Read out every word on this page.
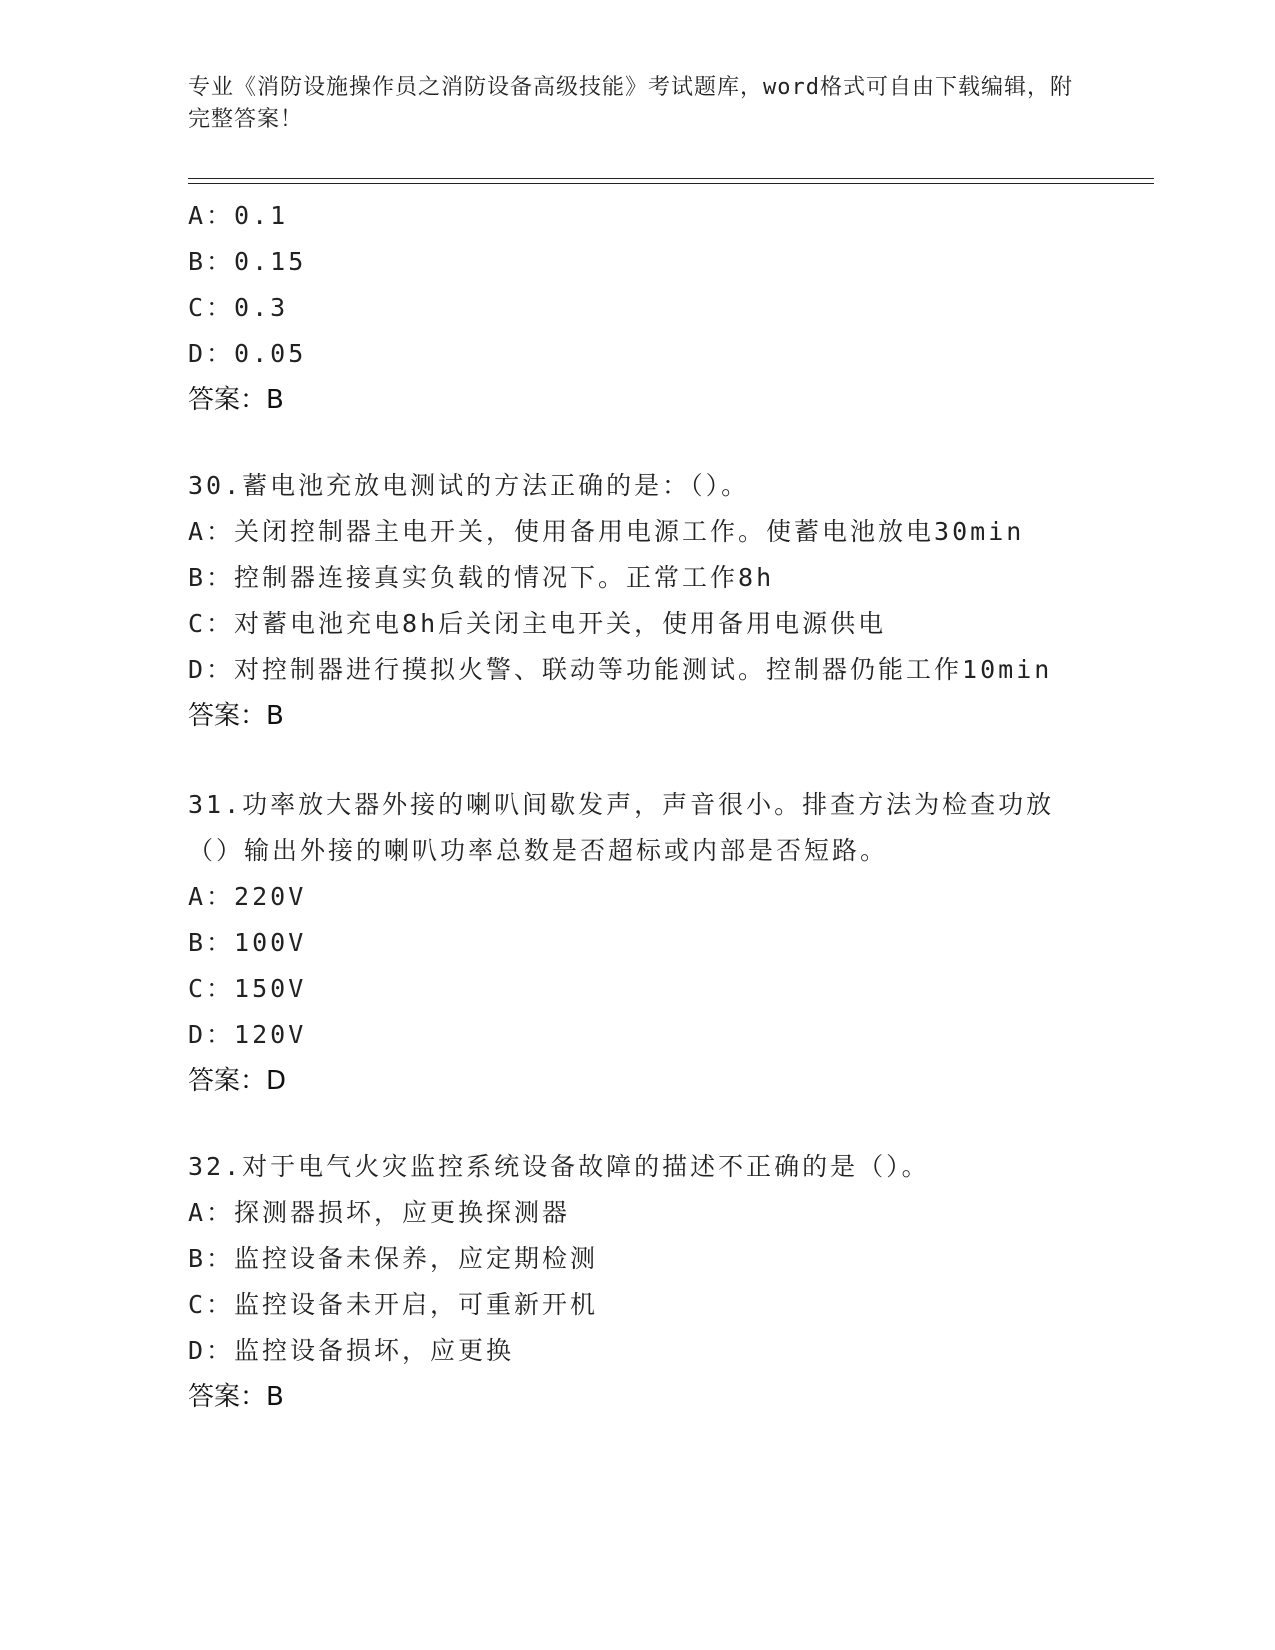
专业《消防设施操作员之消防设备高级技能》考试题库，word格式可自由下载编辑，附完整答案！
A：0.1
B：0.15
C：0.3
D：0.05
答案：B
30.蓄电池充放电测试的方法正确的是：（）。
A：关闭控制器主电开关，使用备用电源工作。使蓄电池放电30min
B：控制器连接真实负载的情况下。正常工作8h
C：对蓄电池充电8h后关闭主电开关，使用备用电源供电
D：对控制器进行摸拟火警、联动等功能测试。控制器仍能工作10min
答案：B
31.功率放大器外接的喇叭间歇发声，声音很小。排查方法为检查功放（）输出外接的喇叭功率总数是否超标或内部是否短路。
A：220V
B：100V
C：150V
D：120V
答案：D
32.对于电气火灾监控系统设备故障的描述不正确的是（）。
A：探测器损坏，应更换探测器
B：监控设备未保养，应定期检测
C：监控设备未开启，可重新开机
D：监控设备损坏，应更换
答案：B
